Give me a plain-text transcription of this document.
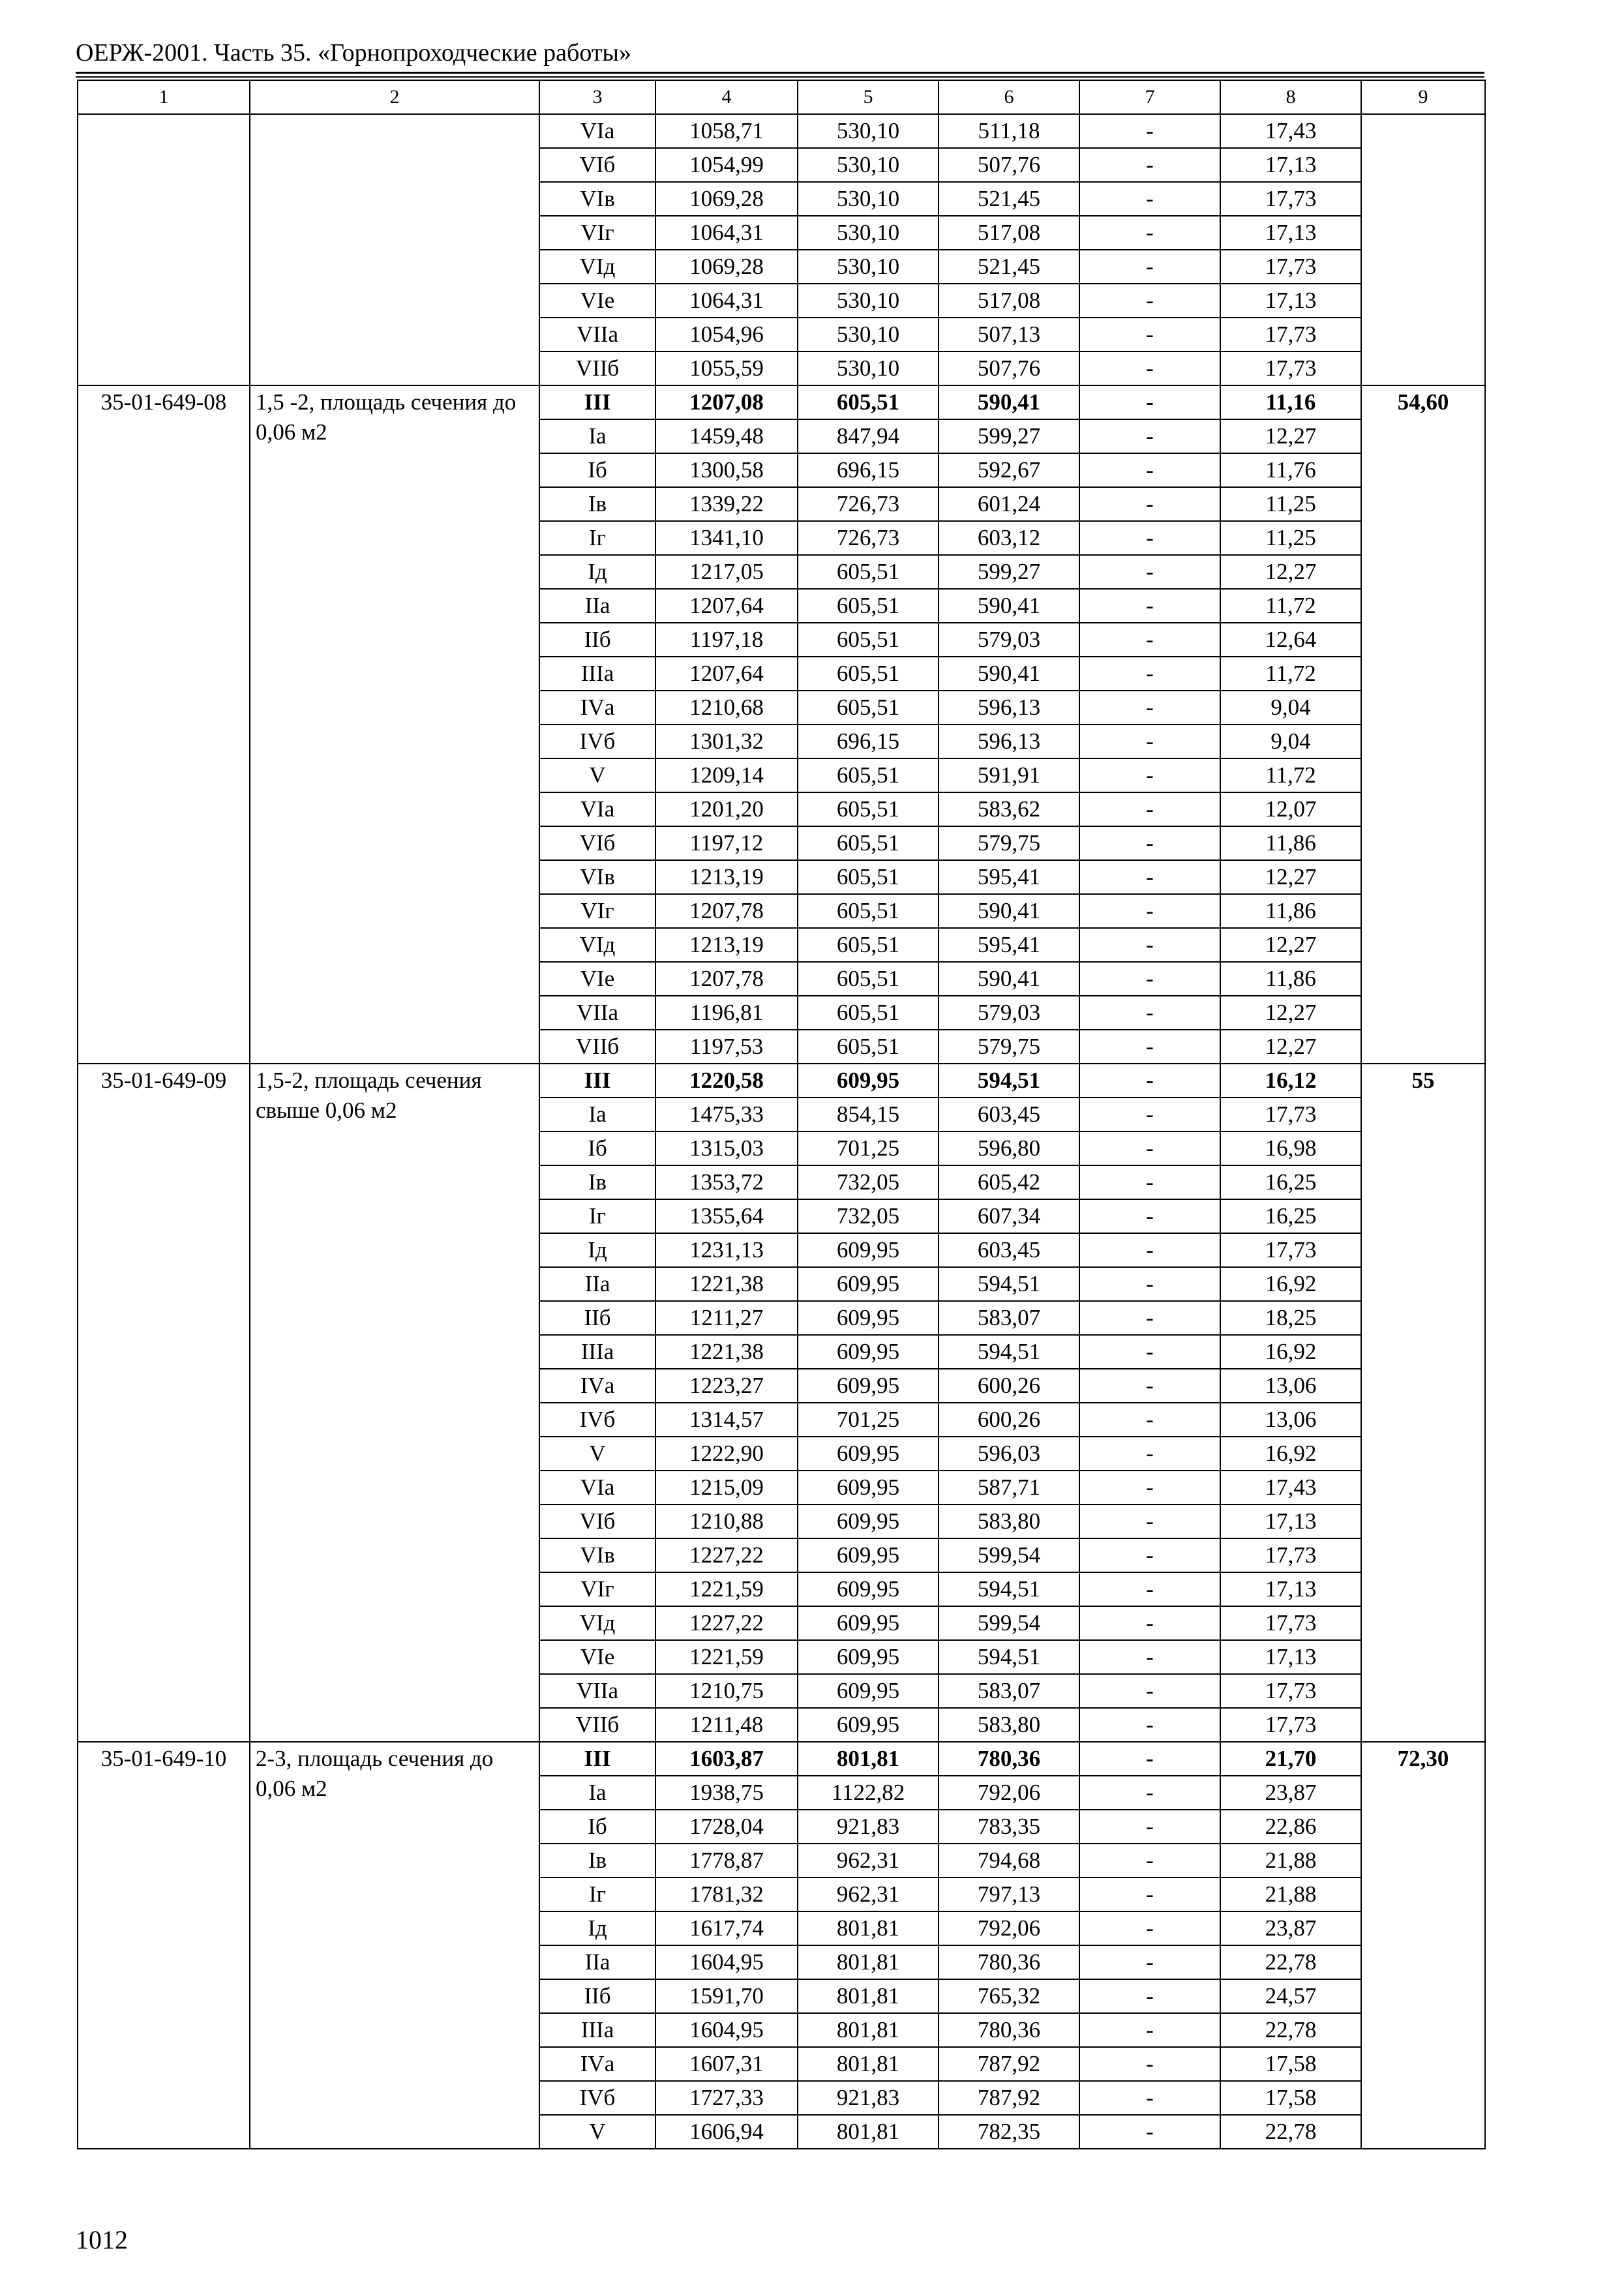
ОЕРЖ-2001. Часть 35. «Горнопроходческие работы»
1	2	3	4	5	6	7	8	9
		VIа	1058,71	530,10	511,18	-	17,43	
		VIб	1054,99	530,10	507,76	-	17,13	
		VIв	1069,28	530,10	521,45	-	17,73	
		VIг	1064,31	530,10	517,08	-	17,13	
		VIд	1069,28	530,10	521,45	-	17,73	
		VIе	1064,31	530,10	517,08	-	17,13	
		VIIа	1054,96	530,10	507,13	-	17,73	
		VIIб	1055,59	530,10	507,76	-	17,73	
35-01-649-08	1,5 -2, площадь сечения до 0,06 м2	III	1207,08	605,51	590,41	-	11,16	54,60
		Iа	1459,48	847,94	599,27	-	12,27	
		Iб	1300,58	696,15	592,67	-	11,76	
		Iв	1339,22	726,73	601,24	-	11,25	
		Iг	1341,10	726,73	603,12	-	11,25	
		Iд	1217,05	605,51	599,27	-	12,27	
		IIа	1207,64	605,51	590,41	-	11,72	
		IIб	1197,18	605,51	579,03	-	12,64	
		IIIа	1207,64	605,51	590,41	-	11,72	
		IVа	1210,68	605,51	596,13	-	9,04	
		IVб	1301,32	696,15	596,13	-	9,04	
		V	1209,14	605,51	591,91	-	11,72	
		VIа	1201,20	605,51	583,62	-	12,07	
		VIб	1197,12	605,51	579,75	-	11,86	
		VIв	1213,19	605,51	595,41	-	12,27	
		VIг	1207,78	605,51	590,41	-	11,86	
		VIд	1213,19	605,51	595,41	-	12,27	
		VIе	1207,78	605,51	590,41	-	11,86	
		VIIа	1196,81	605,51	579,03	-	12,27	
		VIIб	1197,53	605,51	579,75	-	12,27	
35-01-649-09	1,5-2, площадь сечения свыше 0,06 м2	III	1220,58	609,95	594,51	-	16,12	55
		Iа	1475,33	854,15	603,45	-	17,73	
		Iб	1315,03	701,25	596,80	-	16,98	
		Iв	1353,72	732,05	605,42	-	16,25	
		Iг	1355,64	732,05	607,34	-	16,25	
		Iд	1231,13	609,95	603,45	-	17,73	
		IIа	1221,38	609,95	594,51	-	16,92	
		IIб	1211,27	609,95	583,07	-	18,25	
		IIIа	1221,38	609,95	594,51	-	16,92	
		IVа	1223,27	609,95	600,26	-	13,06	
		IVб	1314,57	701,25	600,26	-	13,06	
		V	1222,90	609,95	596,03	-	16,92	
		VIа	1215,09	609,95	587,71	-	17,43	
		VIб	1210,88	609,95	583,80	-	17,13	
		VIв	1227,22	609,95	599,54	-	17,73	
		VIг	1221,59	609,95	594,51	-	17,13	
		VIд	1227,22	609,95	599,54	-	17,73	
		VIе	1221,59	609,95	594,51	-	17,13	
		VIIа	1210,75	609,95	583,07	-	17,73	
		VIIб	1211,48	609,95	583,80	-	17,73	
35-01-649-10	2-3, площадь сечения до 0,06 м2	III	1603,87	801,81	780,36	-	21,70	72,30
		Iа	1938,75	1122,82	792,06	-	23,87	
		Iб	1728,04	921,83	783,35	-	22,86	
		Iв	1778,87	962,31	794,68	-	21,88	
		Iг	1781,32	962,31	797,13	-	21,88	
		Iд	1617,74	801,81	792,06	-	23,87	
		IIа	1604,95	801,81	780,36	-	22,78	
		IIб	1591,70	801,81	765,32	-	24,57	
		IIIа	1604,95	801,81	780,36	-	22,78	
		IVа	1607,31	801,81	787,92	-	17,58	
		IVб	1727,33	921,83	787,92	-	17,58	
		V	1606,94	801,81	782,35	-	22,78	
1012
